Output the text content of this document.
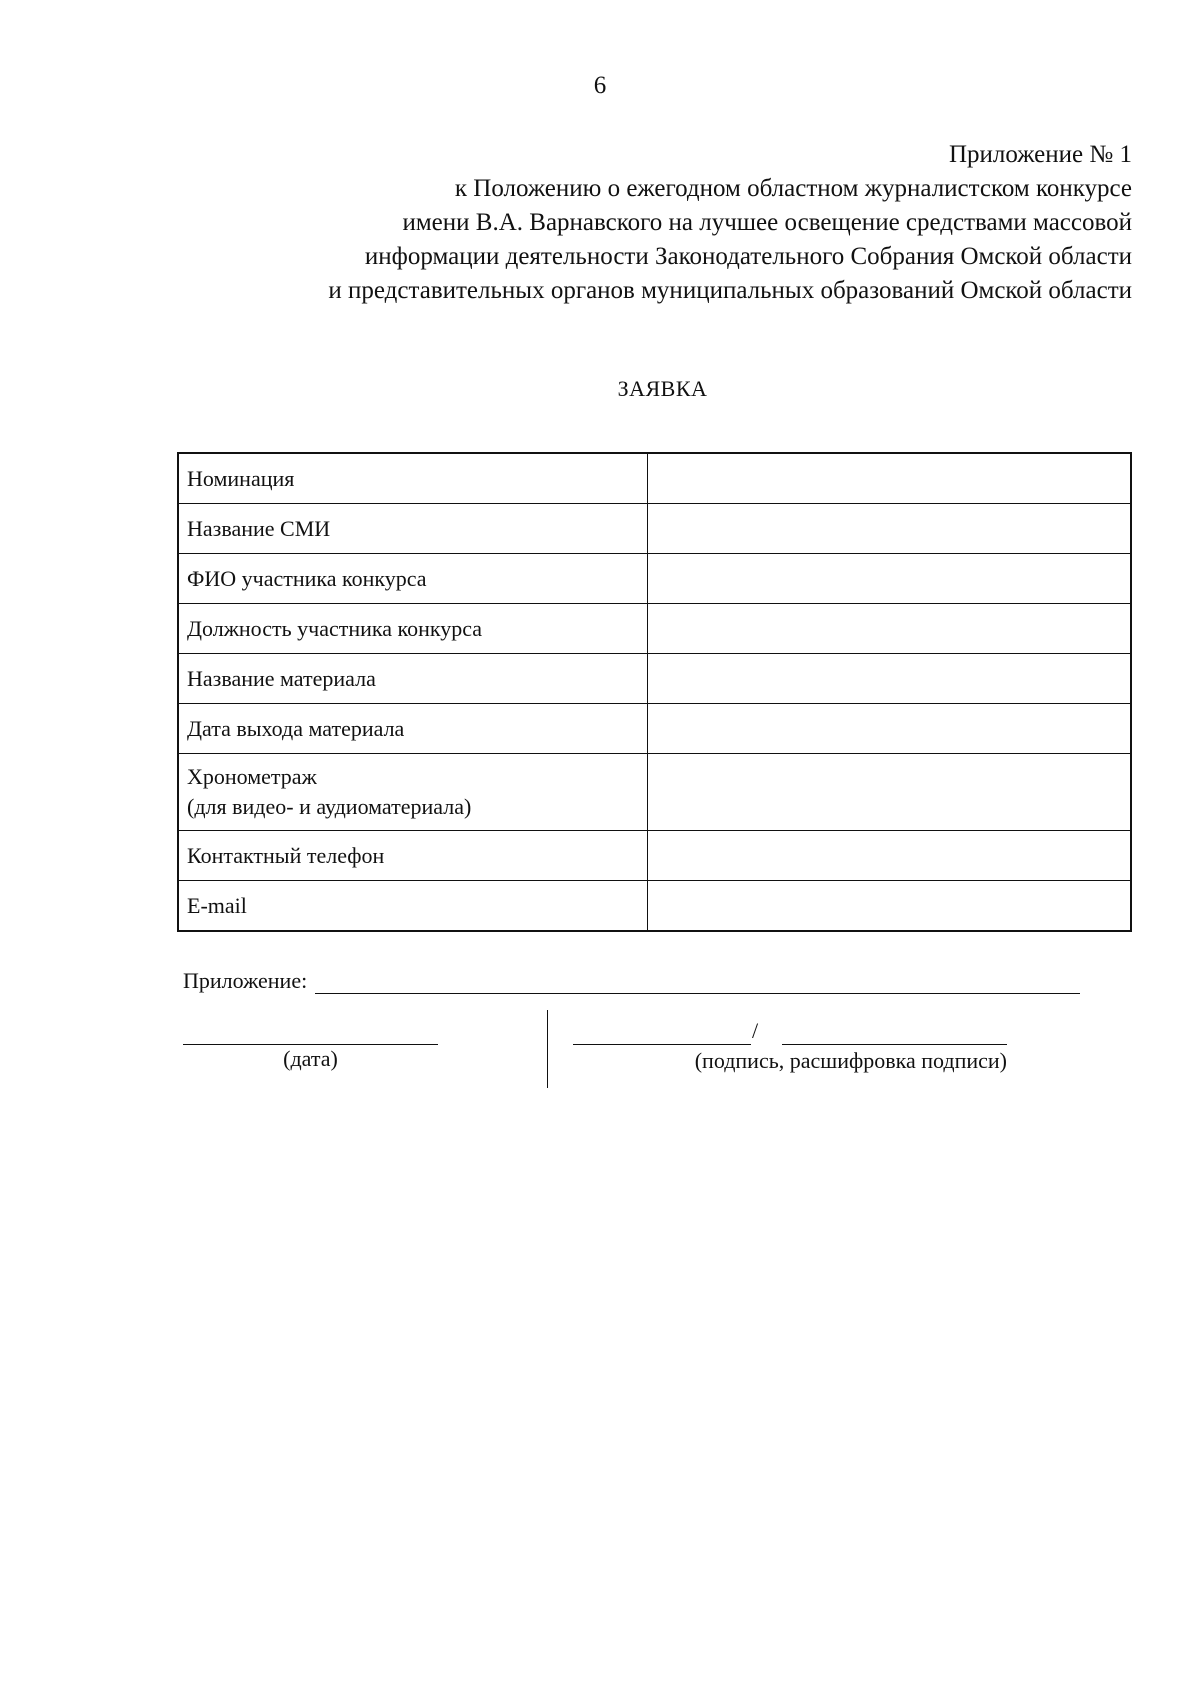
6
Приложение № 1
к Положению о ежегодном областном журналистском конкурсе
имени В.А. Варнавского на лучшее освещение средствами массовой
информации деятельности Законодательного Собрания Омской области
и представительных органов муниципальных образований Омской области
ЗАЯВКА
Номинация	
Название СМИ	
ФИО участника конкурса	
Должность участника конкурса	
Название материала	
Дата выхода материала	

Хронометраж
(для видео- и аудиоматериала)	

Контактный телефон	
E-mail	
Приложение:
(дата)
/
(подпись, расшифровка подписи)
